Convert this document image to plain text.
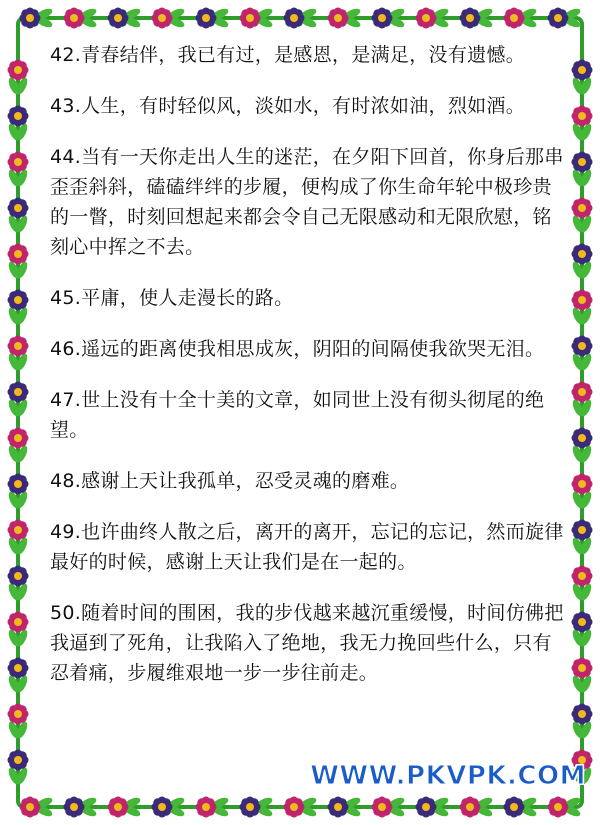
42.青春结伴，我已有过，是感恩，是满足，没有遗憾。
43.人生，有时轻似风，淡如水，有时浓如油，烈如酒。
44.当有一天你走出人生的迷茫，在夕阳下回首，你身后那串歪歪斜斜，磕磕绊绊的步履，便构成了你生命年轮中极珍贵的一瞥，时刻回想起来都会令自己无限感动和无限欣慰，铭刻心中挥之不去。
45.平庸，使人走漫长的路。
46.遥远的距离使我相思成灰，阴阳的间隔使我欲哭无泪。
47.世上没有十全十美的文章，如同世上没有彻头彻尾的绝望。
48.感谢上天让我孤单，忍受灵魂的磨难。
49.也许曲终人散之后，离开的离开，忘记的忘记，然而旋律最好的时候，感谢上天让我们是在一起的。
50.随着时间的围困，我的步伐越来越沉重缓慢，时间仿佛把我逼到了死角，让我陷入了绝地，我无力挽回些什么，只有忍着痛，步履维艰地一步一步往前走。
WWW.PKVPK.COM
